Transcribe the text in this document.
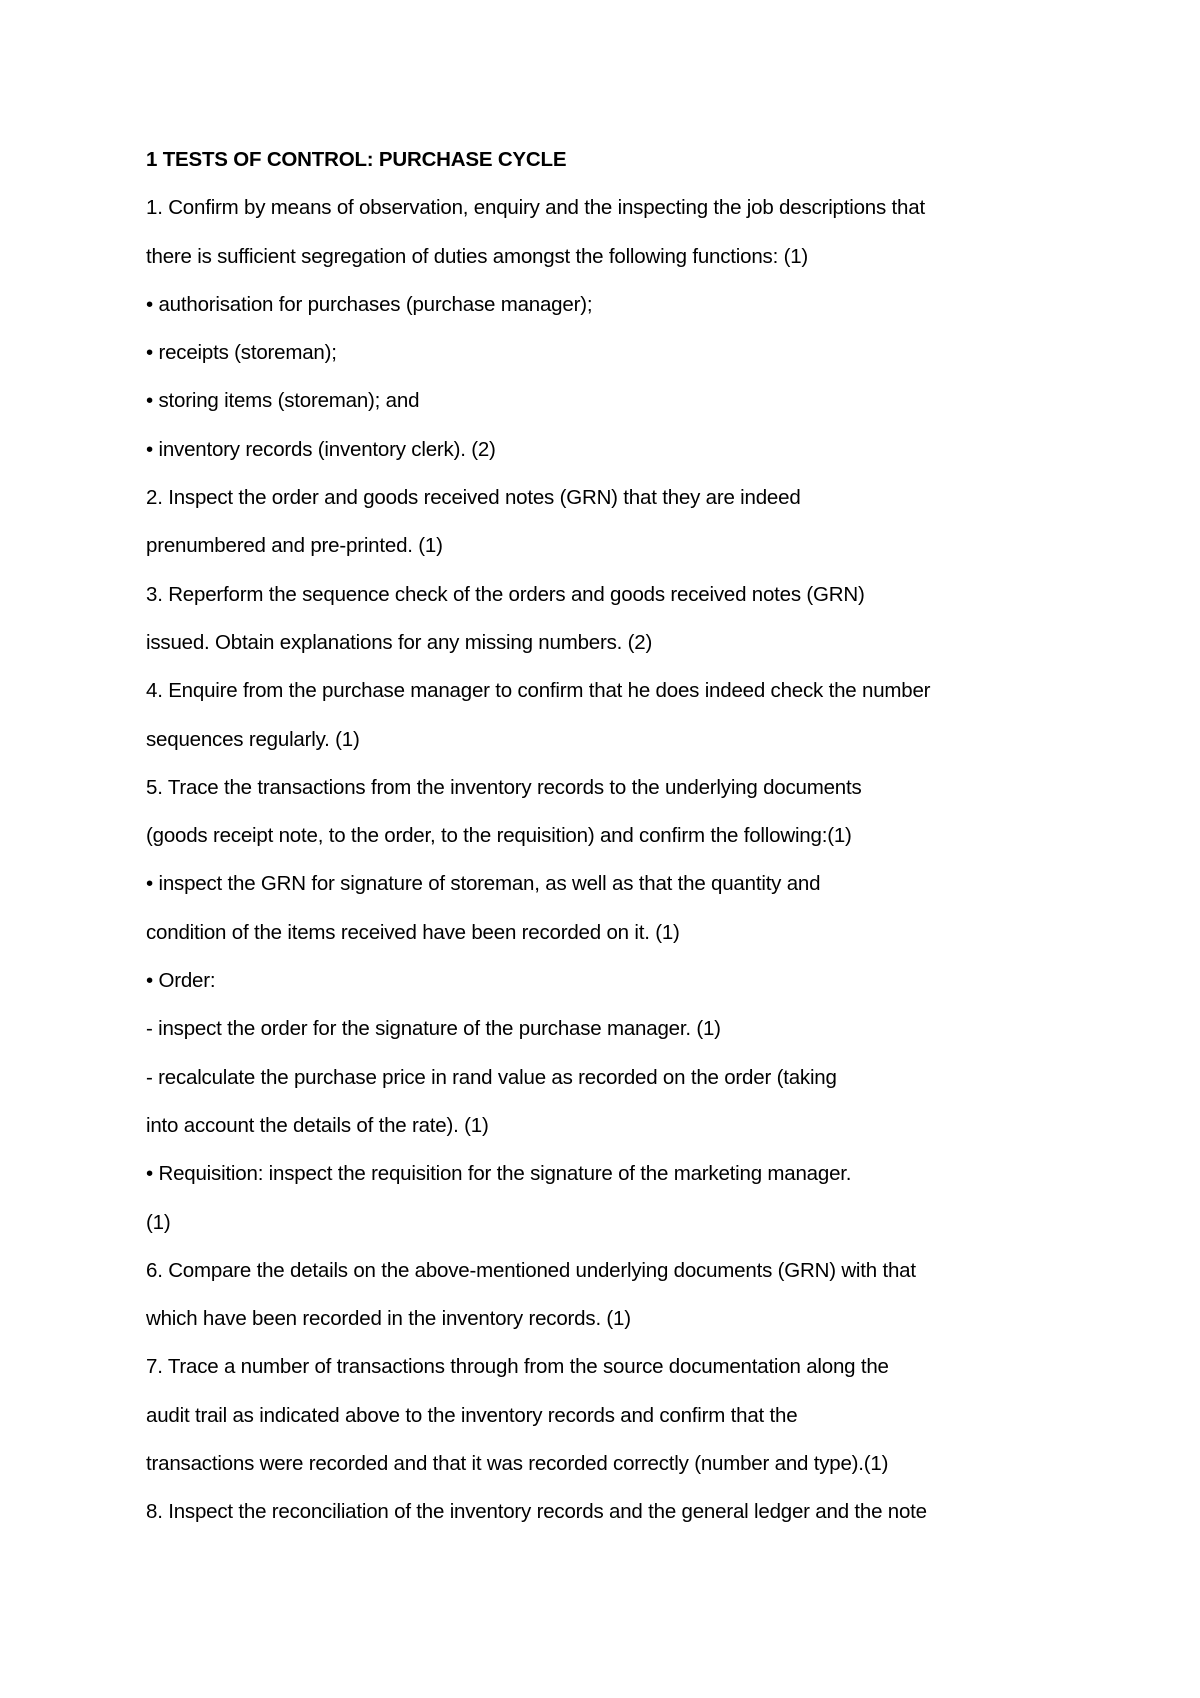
1 TESTS OF CONTROL: PURCHASE CYCLE
1. Confirm by means of observation, enquiry and the inspecting the job descriptions that
there is sufficient segregation of duties amongst the following functions: (1)
• authorisation for purchases (purchase manager);
• receipts (storeman);
• storing items (storeman); and
• inventory records (inventory clerk). (2)
2. Inspect the order and goods received notes (GRN) that they are indeed
prenumbered and pre-printed. (1)
3. Reperform the sequence check of the orders and goods received notes (GRN)
issued. Obtain explanations for any missing numbers. (2)
4. Enquire from the purchase manager to confirm that he does indeed check the number
sequences regularly. (1)
5. Trace the transactions from the inventory records to the underlying documents
(goods receipt note, to the order, to the requisition) and confirm the following:(1)
• inspect the GRN for signature of storeman, as well as that the quantity and
condition of the items received have been recorded on it. (1)
• Order:
- inspect the order for the signature of the purchase manager. (1)
- recalculate the purchase price in rand value as recorded on the order (taking
into account the details of the rate). (1)
• Requisition: inspect the requisition for the signature of the marketing manager.
(1)
6. Compare the details on the above-mentioned underlying documents (GRN) with that
which have been recorded in the inventory records. (1)
7. Trace a number of transactions through from the source documentation along the
audit trail as indicated above to the inventory records and confirm that the
transactions were recorded and that it was recorded correctly (number and type).(1)
8. Inspect the reconciliation of the inventory records and the general ledger and the note
